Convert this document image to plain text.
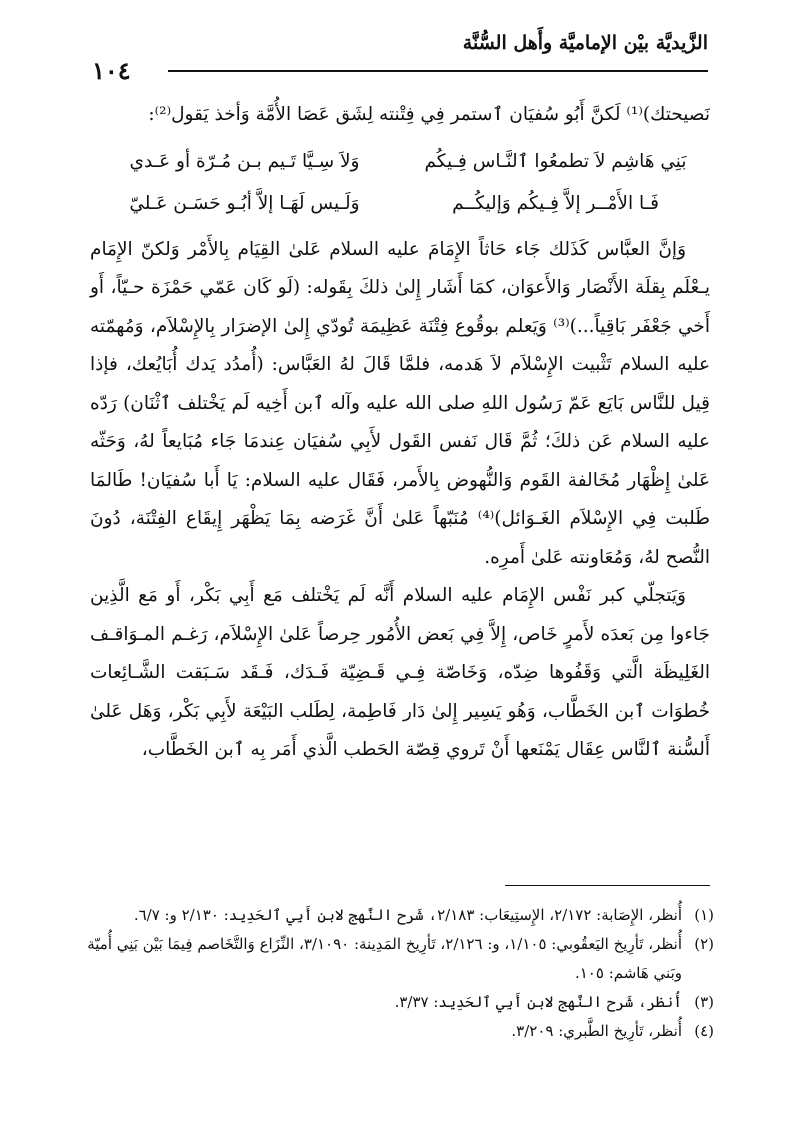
الزَّيديَّة بيْن الإماميَّة وأَهل السُّنَّة
١٠٤

نَصيحتك)⁽¹⁾ لَكنَّ أَبُو سُفيَان ٱستمر فِي فِتْنته لِشَق عَصَا الأُمَّة وَأخذ يَقول⁽²⁾:

بَنِي هَاشِم لاَ تطمعُوا ٱلنَّـاس فِـيكُم
وَلاَ سِـيَّا تَـيم بـن مُـرّة أو عَـدي
فَـا الأَمْــر إلاَّ فِـيكُم وَإليكُــم
وَلَـيس لَهَـا إلاَّ أبُـو حَسَـن عَـليّ

وَإنَّ العبَّاس كَذَلك جَاء حَاثاً الإِمَامَ عليه السلام عَلىٰ القِيَام بِالأَمْر وَلكنّ الإِمَام يـعْلَم بِقلَة الأَنْصَار وَالأَعوَان، كمَا أَشَار إِلىٰ ذلكَ بِقَوله: (لَو كَان عَمّي حَمْزَة حـيّاً، أَو أَخي جَعْفَر بَاقِياً...)⁽³⁾ وَيَعلم بوقُوع فِتْنَة عَظِيمَة تُودّي إِلىٰ الإضرَار بِالإِسْلاَم، وَمُهمّته عليه السلام تَثْبيت الإِسْلاَم لاَ هَدمه، فلمَّا قَالَ لهُ العَبَّاس: (أُمدُد يَدك أُبَايُعك، فإذا قِيل للنَّاس بَايَع عَمّ رَسُول اللهِ صلى الله عليه وآله ٱبن أَخِيه لَم يَخْتلف ٱثْنَان) رَدّه عليه السلام عَن ذلكَ؛ ثُمَّ قَال نَفس القَول لأَبِي سُفيَان عِندمَا جَاء مُبَايعاً لهُ، وَحَثّه عَلىٰ إِظْهَار مُخَالفة القَوم وَالنُّهوض بِالأَمر، فَقَال عليه السلام: يَا أَبا سُفيَان! طَالمَا طَلبت فِي الإِسْلاَم الغَـوَائل)⁽⁴⁾ مُنَبّهاً عَلىٰ أَنَّ غَرَضه بِمَا يَظْهَر إِيقَاع الفِتْنَة، دُونَ النُّصح لهُ، وَمُعَاونته عَلىٰ أَمرِه.

وَيَتجلّي كبر نَفْس الإِمَام عليه السلام أَنَّه لَم يَخْتلف مَع أَبِي بَكْر، أَو مَع الَّذِين جَاءوا مِن بَعدَه لأَمرٍ خَاص، إِلاَّ فِي بَعض الأُمُور حِرصاً عَلىٰ الإِسْلاَم، رَغـم المـوَاقـف الغَلِيظَة الَّتي وَقَفُوها ضِدّه، وَخَاصّة فِـي قَـضِيّة فَـدَك، فَـقَد سَـبَقت الشَّـائِعات خُطوَات ٱبن الخَطَّاب، وَهُو يَسِير إِلىٰ دَار فَاطِمة، لِطَلب البَيْعَة لأَبِي بَكْر، وَهَل عَلىٰ أَلسُّنة ٱلنَّاس عِقَال يَمْنَعها أَنْ تَروي قِصّة الحَطب الَّذي أَمَر بِه ٱبن الخَطَّاب،

(١)
أُنظر، الإِصَابة: ٢/١٧٢، الإِستِيعَاب: ٢/١٨٣، شَرح النَّهج لابن أَبِي ٱلحَدِيد: ٢/١٣٠ و: ٦/٧.
(٢)
أُنظر، تَأرِيخ اليَعقُوبي: ١/١٠٥، و: ٢/١٢٦، تَأرِيخ المَدِينة: ٣/١٠٩٠، النِّزَاع وَالتَّخَاصم فِيمَا بَيْن بَنِي أُميّة وبَني هَاشم: ١٠٥.
(٣)
أُنظر، شَرح النَّهج لابن أَبِي ٱلحَدِيد: ٣/٣٧.
(٤)
أُنظر، تَأرِيخ الطَّبري: ٣/٢٠٩.
